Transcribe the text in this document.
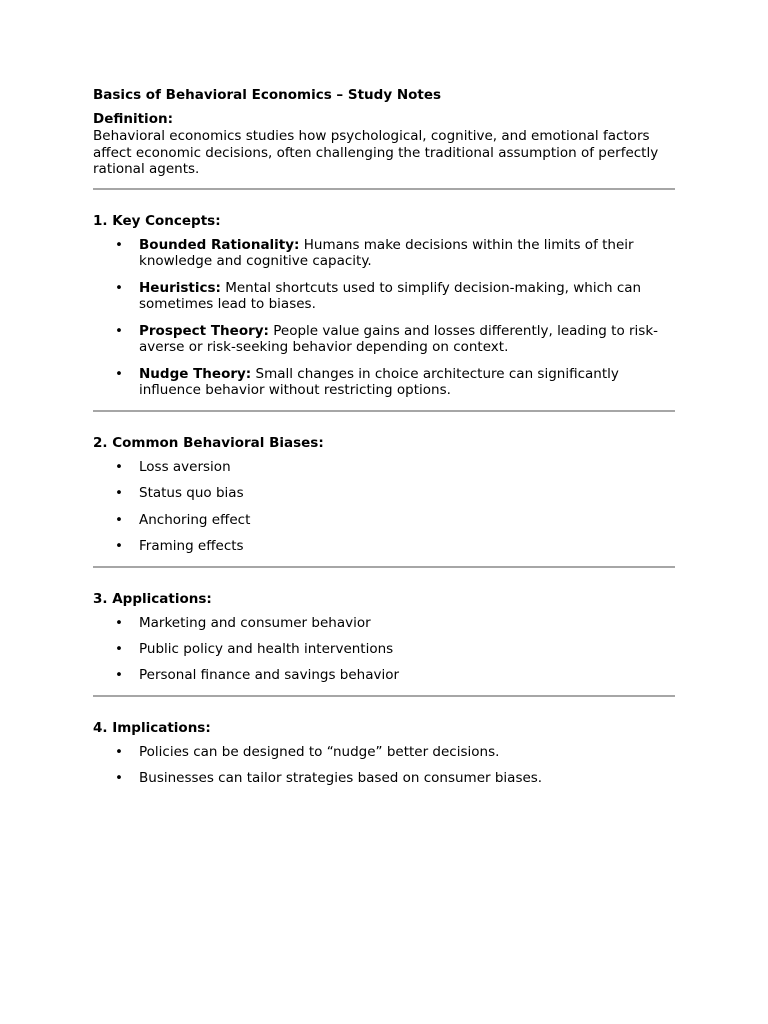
Basics of Behavioral Economics – Study Notes

Definition:

Behavioral economics studies how psychological, cognitive, and emotional factors affect economic decisions, often challenging the traditional assumption of perfectly rational agents.

1. Key Concepts:

• Bounded Rationality: Humans make decisions within the limits of their knowledge and cognitive capacity.
• Heuristics: Mental shortcuts used to simplify decision-making, which can sometimes lead to biases.
• Prospect Theory: People value gains and losses differently, leading to risk-averse or risk-seeking behavior depending on context.
• Nudge Theory: Small changes in choice architecture can significantly influence behavior without restricting options.

2. Common Behavioral Biases:

• Loss aversion
• Status quo bias
• Anchoring effect
• Framing effects

3. Applications:

• Marketing and consumer behavior
• Public policy and health interventions
• Personal finance and savings behavior

4. Implications:

• Policies can be designed to “nudge” better decisions.
• Businesses can tailor strategies based on consumer biases.
